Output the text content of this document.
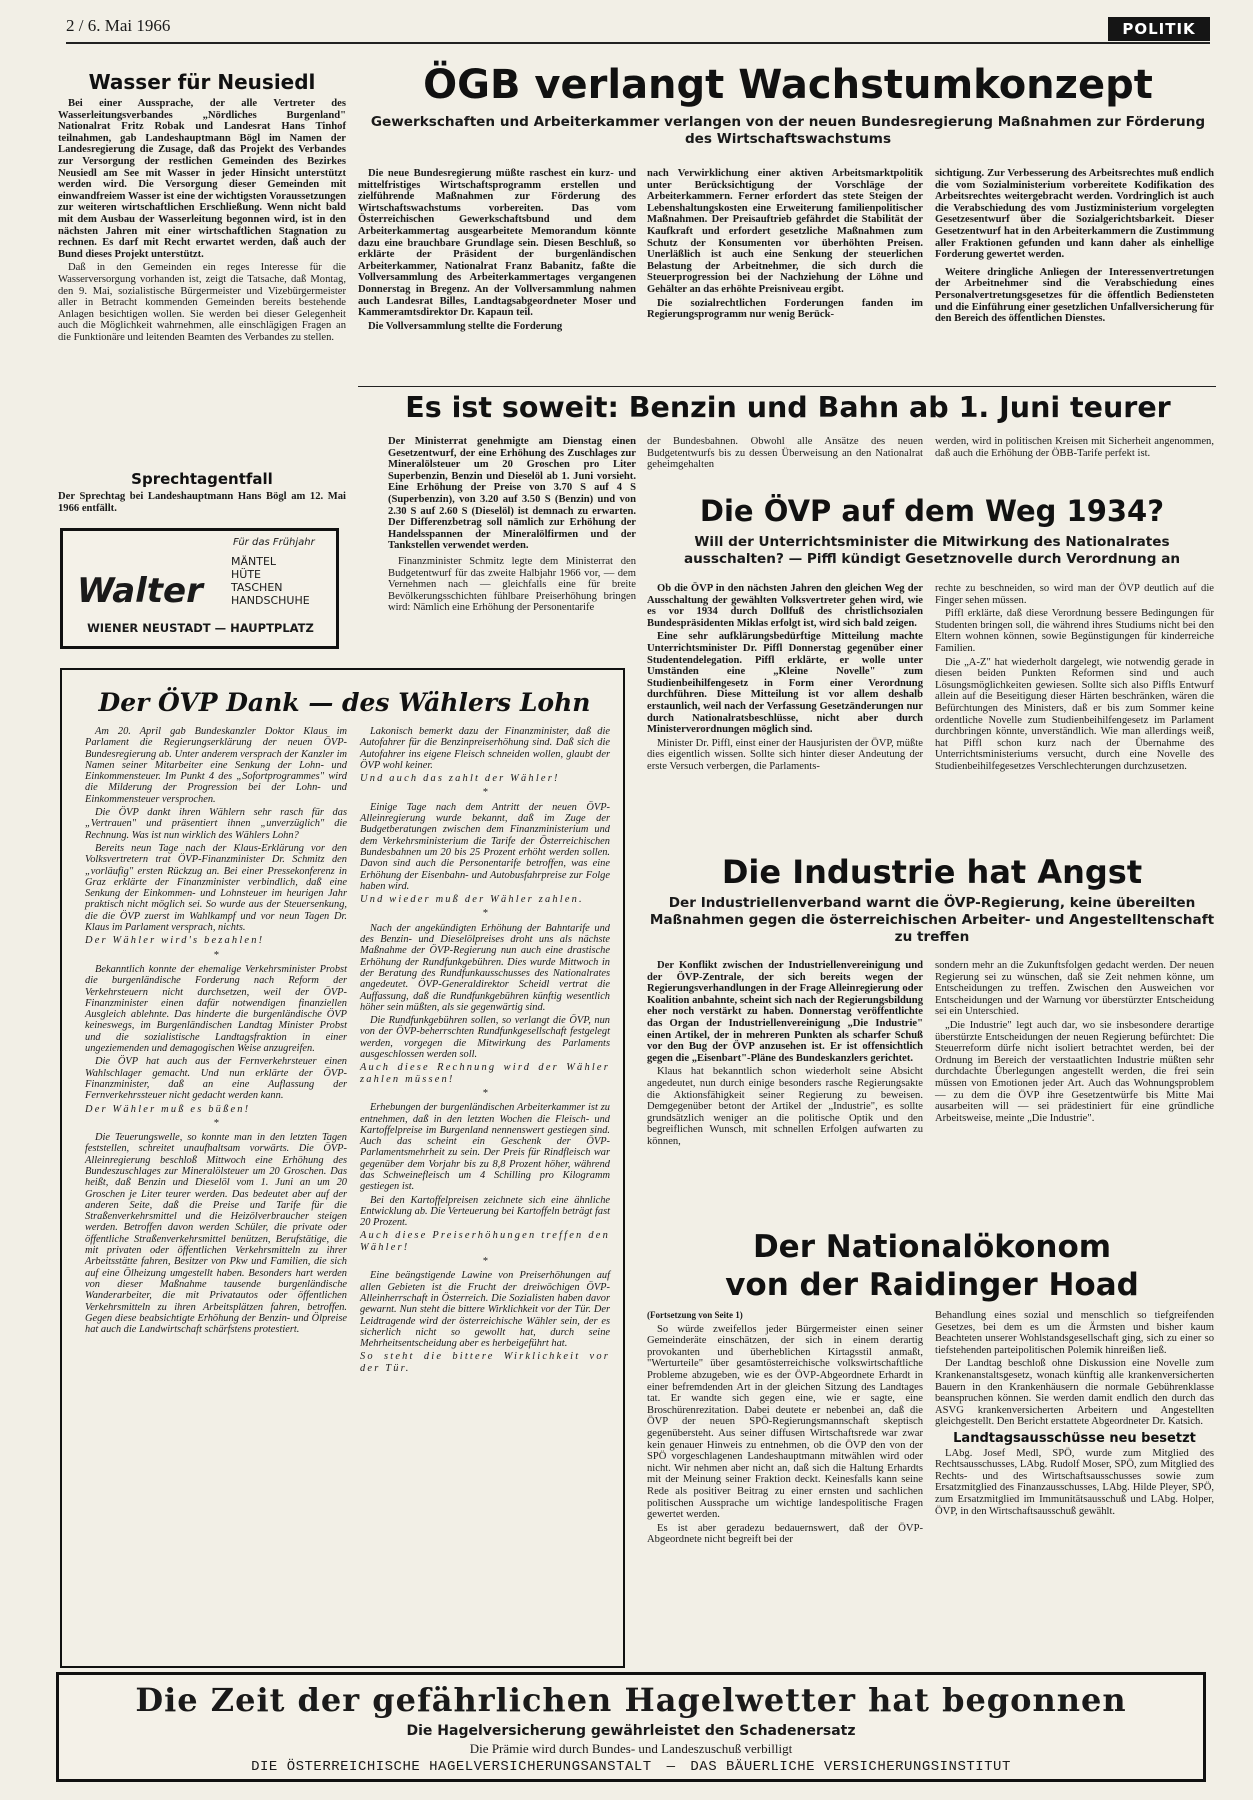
2 / 6. Mai 1966	POLITIK
Wasser für Neusiedl

Bei einer Aussprache, der alle Vertreter des Wasserleitungsverbandes „Nördliches Burgenland" Nationalrat Fritz Robak und Landesrat Hans Tinhof teilnahmen, gab Landeshauptmann Bögl im Namen der Landesregierung die Zusage, daß das Projekt des Verbandes zur Versorgung der restlichen Gemeinden des Bezirkes Neusiedl am See mit Wasser in jeder Hinsicht unterstützt werden wird. Die Versorgung dieser Gemeinden mit einwandfreiem Wasser ist eine der wichtigsten Voraussetzungen zur weiteren wirtschaftlichen Erschließung. Wenn nicht bald mit dem Ausbau der Wasserleitung begonnen wird, ist in den nächsten Jahren mit einer wirtschaftlichen Stagnation zu rechnen. Es darf mit Recht erwartet werden, daß auch der Bund dieses Projekt unterstützt.

Daß in den Gemeinden ein reges Interesse für die Wasserversorgung vorhanden ist, zeigt die Tatsache, daß Montag, den 9. Mai, sozialistische Bürgermeister und Vizebürgermeister aller in Betracht kommenden Gemeinden bereits bestehende Anlagen besichtigen wollen. Sie werden bei dieser Gelegenheit auch die Möglichkeit wahrnehmen, alle einschlägigen Fragen an die Funktionäre und leitenden Beamten des Verbandes zu stellen.

Sprechtagentfall
Der Sprechtag bei Landeshauptmann Hans Bögl am 12. Mai 1966 entfällt.
Für das Frühjahr
Walter
MÄNTEL
HÜTE
TASCHEN
HANDSCHUHE
WIENER NEUSTADT — HAUPTPLATZ
ÖGB verlangt Wachstumkonzept

Gewerkschaften und Arbeiterkammer verlangen von der neuen Bundesregierung Maßnahmen zur Förderung des Wirtschaftswachstums

Die neue Bundesregierung müßte raschest ein kurz- und mittelfristiges Wirtschaftsprogramm erstellen und zielführende Maßnahmen zur Förderung des Wirtschaftswachstums vorbereiten. Das vom Österreichischen Gewerkschaftsbund und dem Arbeiterkammertag ausgearbeitete Memorandum könnte dazu eine brauchbare Grundlage sein. Diesen Beschluß, so erklärte der Präsident der burgenländischen Arbeiterkammer, Nationalrat Franz Babanitz, faßte die Vollversammlung des Arbeiterkammertages vergangenen Donnerstag in Bregenz. An der Vollversammlung nahmen auch Landesrat Billes, Landtagsabgeordneter Moser und Kammeramtsdirektor Dr. Kapaun teil.

Die Vollversammlung stellte die Forderung

nach Verwirklichung einer aktiven Arbeitsmarktpolitik unter Berücksichtigung der Vorschläge der Arbeiterkammern. Ferner erfordert das stete Steigen der Lebenshaltungskosten eine Erweiterung familienpolitischer Maßnahmen. Der Preisauftrieb gefährdet die Stabilität der Kaufkraft und erfordert gesetzliche Maßnahmen zum Schutz der Konsumenten vor überhöhten Preisen. Unerläßlich ist auch eine Senkung der steuerlichen Belastung der Arbeitnehmer, die sich durch die Steuerprogression bei der Nachziehung der Löhne und Gehälter an das erhöhte Preisniveau ergibt.

Die sozialrechtlichen Forderungen fanden im Regierungsprogramm nur wenig Berück-

sichtigung. Zur Verbesserung des Arbeitsrechtes muß endlich die vom Sozialministerium vorbereitete Kodifikation des Arbeitsrechtes weitergebracht werden. Vordringlich ist auch die Verabschiedung des vom Justizministerium vorgelegten Gesetzesentwurf über die Sozialgerichtsbarkeit. Dieser Gesetzentwurf hat in den Arbeiterkammern die Zustimmung aller Fraktionen gefunden und kann daher als einhellige Forderung gewertet werden.

Weitere dringliche Anliegen der Interessenvertretungen der Arbeitnehmer sind die Verabschiedung eines Personalvertretungsgesetzes für die öffentlich Bediensteten und die Einführung einer gesetzlichen Unfallversicherung für den Bereich des öffentlichen Dienstes.

Es ist soweit: Benzin und Bahn ab 1. Juni teurer

Der Ministerrat genehmigte am Dienstag einen Gesetzentwurf, der eine Erhöhung des Zuschlages zur Mineralölsteuer um 20 Groschen pro Liter Superbenzin, Benzin und Dieselöl ab 1. Juni vorsieht. Eine Erhöhung der Preise von 3.70 S auf 4 S (Superbenzin), von 3.20 auf 3.50 S (Benzin) und von 2.30 S auf 2.60 S (Dieselöl) ist demnach zu erwarten. Der Differenzbetrag soll nämlich zur Erhöhung der Handelsspannen der Mineralölfirmen und der Tankstellen verwendet werden.

Finanzminister Schmitz legte dem Ministerrat den Budgetentwurf für das zweite Halbjahr 1966 vor, — dem Vernehmen nach — gleichfalls eine für breite Bevölkerungsschichten fühlbare Preiserhöhung bringen wird: Nämlich eine Erhöhung der Personentarife

der Bundesbahnen. Obwohl alle Ansätze des neuen Budgetentwurfs bis zu dessen Überweisung an den Nationalrat geheimgehalten
werden, wird in politischen Kreisen mit Sicherheit angenommen, daß auch die Erhöhung der ÖBB-Tarife perfekt ist.
Die ÖVP auf dem Weg 1934?

Will der Unterrichtsminister die Mitwirkung des Nationalrates ausschalten? — Piffl kündigt Gesetznovelle durch Verordnung an

Ob die ÖVP in den nächsten Jahren den gleichen Weg der Ausschaltung der gewählten Volksvertreter gehen wird, wie es vor 1934 durch Dollfuß des christlichsozialen Bundespräsidenten Miklas erfolgt ist, wird sich bald zeigen.

Eine sehr aufklärungsbedürftige Mitteilung machte Unterrichtsminister Dr. Piffl Donnerstag gegenüber einer Studentendelegation. Piffl erklärte, er wolle unter Umständen eine „Kleine Novelle" zum Studienbeihilfengesetz in Form einer Verordnung durchführen. Diese Mitteilung ist vor allem deshalb erstaunlich, weil nach der Verfassung Gesetzänderungen nur durch Nationalratsbeschlüsse, nicht aber durch Ministerverordnungen möglich sind.

Minister Dr. Piffl, einst einer der Hausjuristen der ÖVP, müßte dies eigentlich wissen. Sollte sich hinter dieser Andeutung der erste Versuch verbergen, die Parlaments-

rechte zu beschneiden, so wird man der ÖVP deutlich auf die Finger sehen müssen.

Piffl erklärte, daß diese Verordnung bessere Bedingungen für Studenten bringen soll, die während ihres Studiums nicht bei den Eltern wohnen können, sowie Begünstigungen für kinderreiche Familien.

Die „A-Z" hat wiederholt dargelegt, wie notwendig gerade in diesen beiden Punkten Reformen sind und auch Lösungsmöglichkeiten gewiesen. Sollte sich also Piffls Entwurf allein auf die Beseitigung dieser Härten beschränken, wären die Befürchtungen des Ministers, daß er bis zum Sommer keine ordentliche Novelle zum Studienbeihilfengesetz im Parlament durchbringen könnte, unverständlich. Wie man allerdings weiß, hat Piffl schon kurz nach der Übernahme des Unterrichtsministeriums versucht, durch eine Novelle des Studienbeihilfegesetzes Verschlechterungen durchzusetzen.

Die Industrie hat Angst

Der Industriellenverband warnt die ÖVP-Regierung, keine übereilten Maßnahmen gegen die österreichischen Arbeiter- und Angestelltenschaft zu treffen

Der Konflikt zwischen der Industriellenvereinigung und der ÖVP-Zentrale, der sich bereits wegen der Regierungsverhandlungen in der Frage Alleinregierung oder Koalition anbahnte, scheint sich nach der Regierungsbildung eher noch verstärkt zu haben. Donnerstag veröffentlichte das Organ der Industriellenvereinigung „Die Industrie" einen Artikel, der in mehreren Punkten als scharfer Schuß vor den Bug der ÖVP anzusehen ist. Er ist offensichtlich gegen die „Eisenbart"-Pläne des Bundeskanzlers gerichtet.

Klaus hat bekanntlich schon wiederholt seine Absicht angedeutet, nun durch einige besonders rasche Regierungsakte die Aktionsfähigkeit seiner Regierung zu beweisen. Demgegenüber betont der Artikel der „Industrie", es sollte grundsätzlich weniger an die politische Optik und den begreiflichen Wunsch, mit schnellen Erfolgen aufwarten zu können,

sondern mehr an die Zukunftsfolgen gedacht werden. Der neuen Regierung sei zu wünschen, daß sie Zeit nehmen könne, um Entscheidungen zu treffen. Zwischen den Ausweichen vor Entscheidungen und der Warnung vor überstürzter Entscheidung sei ein Unterschied.

„Die Industrie" legt auch dar, wo sie insbesondere derartige überstürzte Entscheidungen der neuen Regierung befürchtet: Die Steuerreform dürfe nicht isoliert betrachtet werden, bei der Ordnung im Bereich der verstaatlichten Industrie müßten sehr durchdachte Überlegungen angestellt werden, die frei sein müssen von Emotionen jeder Art. Auch das Wohnungsproblem — zu dem die ÖVP ihre Gesetzentwürfe bis Mitte Mai ausarbeiten will — sei prädestiniert für eine gründliche Arbeitsweise, meinte „Die Industrie".

Der Nationalökonom
von der Raidinger Hoad
(Fortsetzung von Seite 1)

So würde zweifellos jeder Bürgermeister einen seiner Gemeinderäte einschätzen, der sich in einem derartig provokanten und überheblichen Kirtagsstil anmaßt, "Werturteile" über gesamtösterreichische volkswirtschaftliche Probleme abzugeben, wie es der ÖVP-Abgeordnete Erhardt in einer befremdenden Art in der gleichen Sitzung des Landtages tat. Er wandte sich gegen eine, wie er sagte, eine Broschürenrezitation. Dabei deutete er nebenbei an, daß die ÖVP der neuen SPÖ-Regierungsmannschaft skeptisch gegenübersteht. Aus seiner diffusen Wirtschaftsrede war zwar kein genauer Hinweis zu entnehmen, ob die ÖVP den von der SPÖ vorgeschlagenen Landeshauptmann mitwählen wird oder nicht. Wir nehmen aber nicht an, daß sich die Haltung Erhardts mit der Meinung seiner Fraktion deckt. Keinesfalls kann seine Rede als positiver Beitrag zu einer ernsten und sachlichen politischen Aussprache um wichtige landespolitische Fragen gewertet werden.

Es ist aber geradezu bedauernswert, daß der ÖVP-Abgeordnete nicht begreift bei der

Behandlung eines sozial und menschlich so tiefgreifenden Gesetzes, bei dem es um die Ärmsten und bisher kaum Beachteten unserer Wohlstandsgesellschaft ging, sich zu einer so tiefstehenden parteipolitischen Polemik hinreißen ließ.

Der Landtag beschloß ohne Diskussion eine Novelle zum Krankenanstaltsgesetz, wonach künftig alle krankenversicherten Bauern in den Krankenhäusern die normale Gebührenklasse beanspruchen können. Sie werden damit endlich den durch das ASVG krankenversicherten Arbeitern und Angestellten gleichgestellt. Den Bericht erstattete Abgeordneter Dr. Katsich.

Landtagsausschüsse neu besetzt

LAbg. Josef Medl, SPÖ, wurde zum Mitglied des Rechtsausschusses, LAbg. Rudolf Moser, SPÖ, zum Mitglied des Rechts- und des Wirtschaftsausschusses sowie zum Ersatzmitglied des Finanzausschusses, LAbg. Hilde Pleyer, SPÖ, zum Ersatzmitglied im Immunitätsausschuß und LAbg. Holper, ÖVP, in den Wirtschaftsausschuß gewählt.

Der ÖVP Dank — des Wählers Lohn

Am 20. April gab Bundeskanzler Doktor Klaus im Parlament die Regierungserklärung der neuen ÖVP-Bundesregierung ab. Unter anderem versprach der Kanzler im Namen seiner Mitarbeiter eine Senkung der Lohn- und Einkommensteuer. Im Punkt 4 des „Sofortprogrammes" wird die Milderung der Progression bei der Lohn- und Einkommensteuer versprochen.

Die ÖVP dankt ihren Wählern sehr rasch für das „Vertrauen" und präsentiert ihnen „unverzüglich" die Rechnung. Was ist nun wirklich des Wählers Lohn?

Bereits neun Tage nach der Klaus-Erklärung vor den Volksvertretern trat ÖVP-Finanzminister Dr. Schmitz den „vorläufig" ersten Rückzug an. Bei einer Pressekonferenz in Graz erklärte der Finanzminister verbindlich, daß eine Senkung der Einkommen- und Lohnsteuer im heurigen Jahr praktisch nicht möglich sei. So wurde aus der Steuersenkung, die die ÖVP zuerst im Wahlkampf und vor neun Tagen Dr. Klaus im Parlament versprach, nichts.

Der Wähler wird's bezahlen!

*

Bekanntlich konnte der ehemalige Verkehrsminister Probst die burgenländische Forderung nach Reform der Verkehrsteuern nicht durchsetzen, weil der ÖVP-Finanzminister einen dafür notwendigen finanziellen Ausgleich ablehnte. Das hinderte die burgenländische ÖVP keineswegs, im Burgenländischen Landtag Minister Probst und die sozialistische Landtagsfraktion in einer ungeziemenden und demagogischen Weise anzugreifen.

Die ÖVP hat auch aus der Fernverkehrsteuer einen Wahlschlager gemacht. Und nun erklärte der ÖVP-Finanzminister, daß an eine Auflassung der Fernverkehrssteuer nicht gedacht werden kann.

Der Wähler muß es büßen!

*

Die Teuerungswelle, so konnte man in den letzten Tagen feststellen, schreitet unaufhaltsam vorwärts. Die ÖVP-Alleinregierung beschloß Mittwoch eine Erhöhung des Bundeszuschlages zur Mineralölsteuer um 20 Groschen. Das heißt, daß Benzin und Dieselöl vom 1. Juni an um 20 Groschen je Liter teurer werden. Das bedeutet aber auf der anderen Seite, daß die Preise und Tarife für die Straßenverkehrsmittel und die Heizölverbraucher steigen werden. Betroffen davon werden Schüler, die private oder öffentliche Straßenverkehrsmittel benützen, Berufstätige, die mit privaten oder öffentlichen Verkehrsmitteln zu ihrer Arbeitsstätte fahren, Besitzer von Pkw und Familien, die sich auf eine Ölheizung umgestellt haben. Besonders hart werden von dieser Maßnahme tausende burgenländische Wanderarbeiter, die mit Privatautos oder öffentlichen Verkehrsmitteln zu ihren Arbeitsplätzen fahren, betroffen. Gegen diese beabsichtigte Erhöhung der Benzin- und Ölpreise hat auch die Landwirtschaft schärfstens protestiert.

Lakonisch bemerkt dazu der Finanzminister, daß die Autofahrer für die Benzinpreiserhöhung sind. Daß sich die Autofahrer ins eigene Fleisch schneiden wollen, glaubt der ÖVP wohl keiner.

Und auch das zahlt der Wähler!

*

Einige Tage nach dem Antritt der neuen ÖVP-Alleinregierung wurde bekannt, daß im Zuge der Budgetberatungen zwischen dem Finanzministerium und dem Verkehrsministerium die Tarife der Österreichischen Bundesbahnen um 20 bis 25 Prozent erhöht werden sollen. Davon sind auch die Personentarife betroffen, was eine Erhöhung der Eisenbahn- und Autobusfahrpreise zur Folge haben wird.

Und wieder muß der Wähler zahlen.

*

Nach der angekündigten Erhöhung der Bahntarife und des Benzin- und Dieselölpreises droht uns als nächste Maßnahme der ÖVP-Regierung nun auch eine drastische Erhöhung der Rundfunkgebühren. Dies wurde Mittwoch in der Beratung des Rundfunkausschusses des Nationalrates angedeutet. ÖVP-Generaldirektor Scheidl vertrat die Auffassung, daß die Rundfunkgebühren künftig wesentlich höher sein müßten, als sie gegenwärtig sind.

Die Rundfunkgebühren sollen, so verlangt die ÖVP, nun von der ÖVP-beherrschten Rundfunkgesellschaft festgelegt werden, vorgegen die Mitwirkung des Parlaments ausgeschlossen werden soll.

Auch diese Rechnung wird der Wähler zahlen müssen!

*

Erhebungen der burgenländischen Arbeiterkammer ist zu entnehmen, daß in den letzten Wochen die Fleisch- und Kartoffelpreise im Burgenland nennenswert gestiegen sind. Auch das scheint ein Geschenk der ÖVP-Parlamentsmehrheit zu sein. Der Preis für Rindfleisch war gegenüber dem Vorjahr bis zu 8,8 Prozent höher, während das Schweinefleisch um 4 Schilling pro Kilogramm gestiegen ist.

Bei den Kartoffelpreisen zeichnete sich eine ähnliche Entwicklung ab. Die Verteuerung bei Kartoffeln beträgt fast 20 Prozent.

Auch diese Preiserhöhungen treffen den Wähler!

*

Eine beängstigende Lawine von Preiserhöhungen auf allen Gebieten ist die Frucht der dreiwöchigen ÖVP-Alleinherrschaft in Österreich. Die Sozialisten haben davor gewarnt. Nun steht die bittere Wirklichkeit vor der Tür. Der Leidtragende wird der österreichische Wähler sein, der es sicherlich nicht so gewollt hat, durch seine Mehrheitsentscheidung aber es herbeigeführt hat.

So steht die bittere Wirklichkeit vor der Tür.

Die Zeit der gefährlichen Hagelwetter hat begonnen
Die Hagelversicherung gewährleistet den Schadenersatz
Die Prämie wird durch Bundes- und Landeszuschuß verbilligt
DIE ÖSTERREICHISCHE HAGELVERSICHERUNGSANSTALT — DAS BÄUERLICHE VERSICHERUNGSINSTITUT
